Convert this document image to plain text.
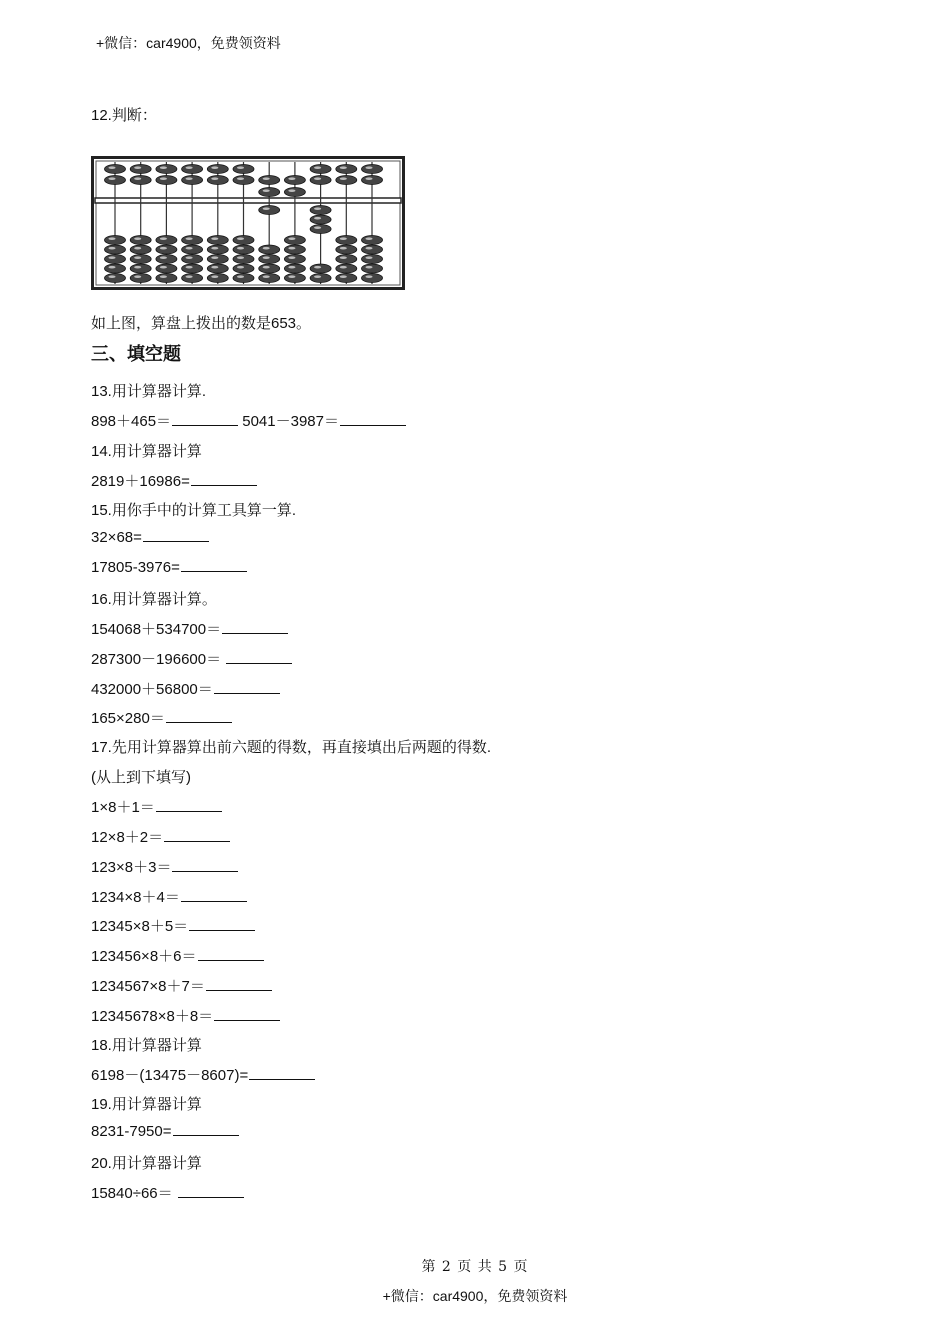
+微信：car4900，免费领资料
12.判断：
如上图，算盘上拨出的数是653。
三、填空题
13.用计算器计算.
898＋465＝	5041－3987＝
14.用计算器计算
2819＋16986=
15.用你手中的计算工具算一算.
32×68=
17805-3976=
16.用计算器计算。
154068＋534700＝
287300－196600＝
432000＋56800＝
165×280＝
17.先用计算器算出前六题的得数，再直接填出后两题的得数.
(从上到下填写)
1×8＋1＝
12×8＋2＝
123×8＋3＝
1234×8＋4＝
12345×8＋5＝
123456×8＋6＝
1234567×8＋7＝
12345678×8＋8＝
18.用计算器计算
6198－(13475－8607)=
19.用计算器计算
8231-7950=
20.用计算器计算
15840÷66＝
第 2 页 共 5 页
+微信：car4900，免费领资料
